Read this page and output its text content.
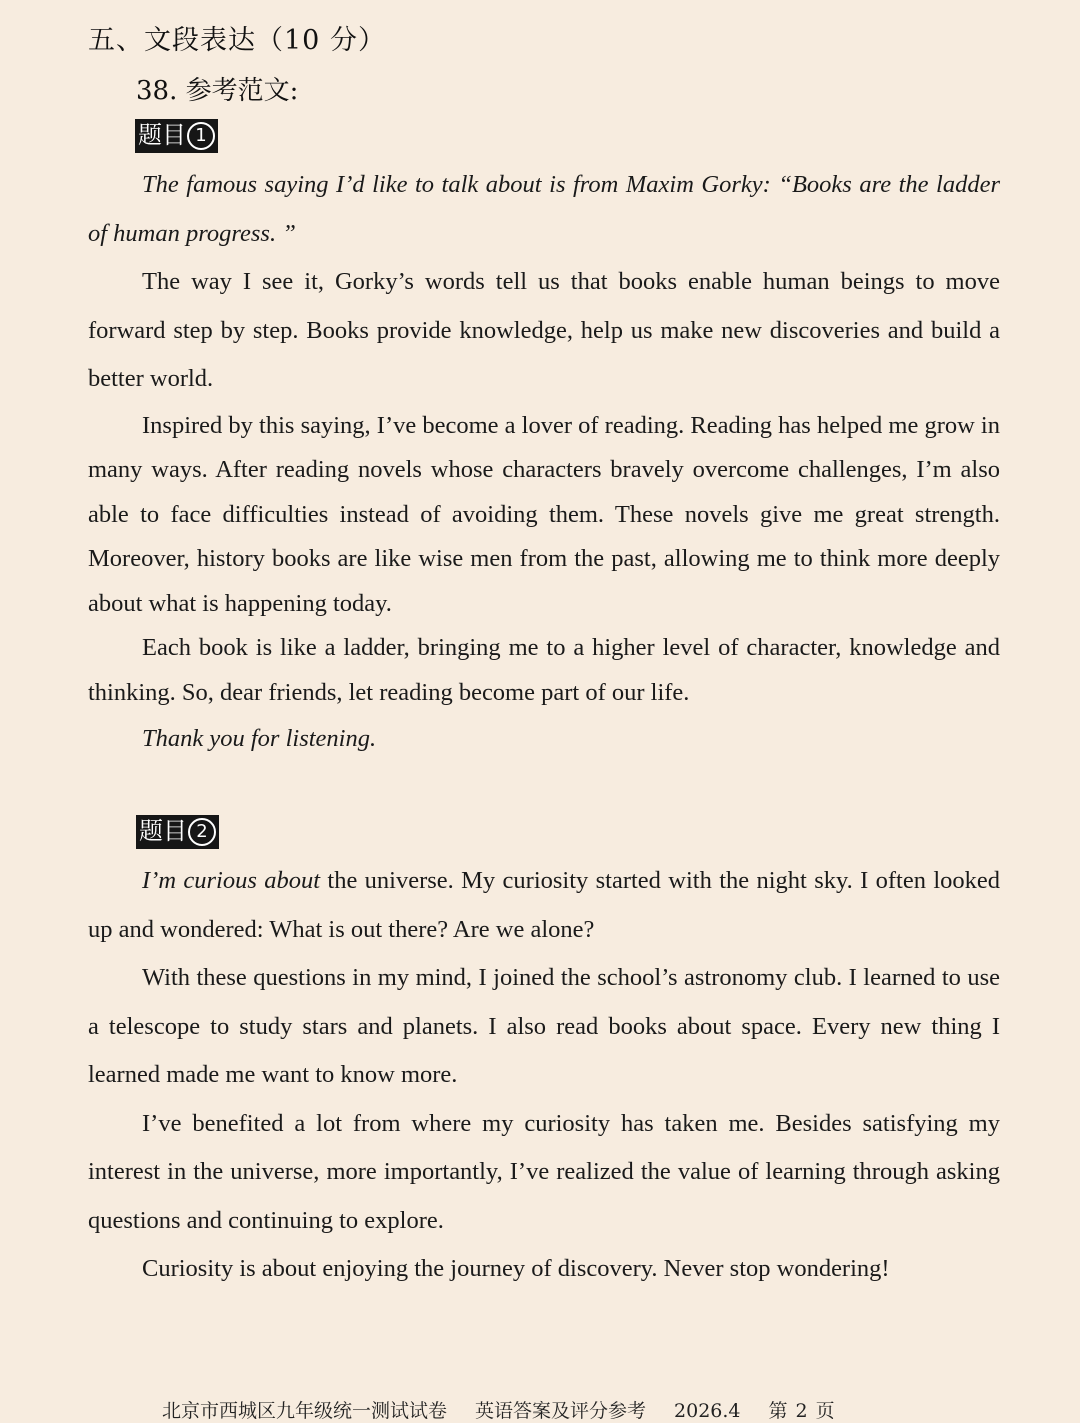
五、文段表达（10 分）
38. 参考范文:
题目 1

The famous saying I’d like to talk about is from Maxim Gorky: “Books are the ladder of human progress. ”

The way I see it, Gorky’s words tell us that books enable human beings to move forward step by step. Books provide knowledge, help us make new discoveries and build a better world.

Inspired by this saying, I’ve become a lover of reading. Reading has helped me grow in many ways. After reading novels whose characters bravely overcome challenges, I’m also able to face difficulties instead of avoiding them. These novels give me great strength. Moreover, history books are like wise men from the past, allowing me to think more deeply about what is happening today.

Each book is like a ladder, bringing me to a higher level of character, knowledge and thinking. So, dear friends, let reading become part of our life.

Thank you for listening.

题目 2

I’m curious about the universe. My curiosity started with the night sky. I often looked up and wondered: What is out there? Are we alone?

With these questions in my mind, I joined the school’s astronomy club. I learned to use a telescope to study stars and planets. I also read books about space. Every new thing I learned made me want to know more.

I’ve benefited a lot from where my curiosity has taken me. Besides satisfying my interest in the universe, more importantly, I’ve realized the value of learning through asking questions and continuing to explore.

Curiosity is about enjoying the journey of discovery. Never stop wondering!

北京市西城区九年级统一测试试卷 英语答案及评分参考 2026.4 第 2 页
